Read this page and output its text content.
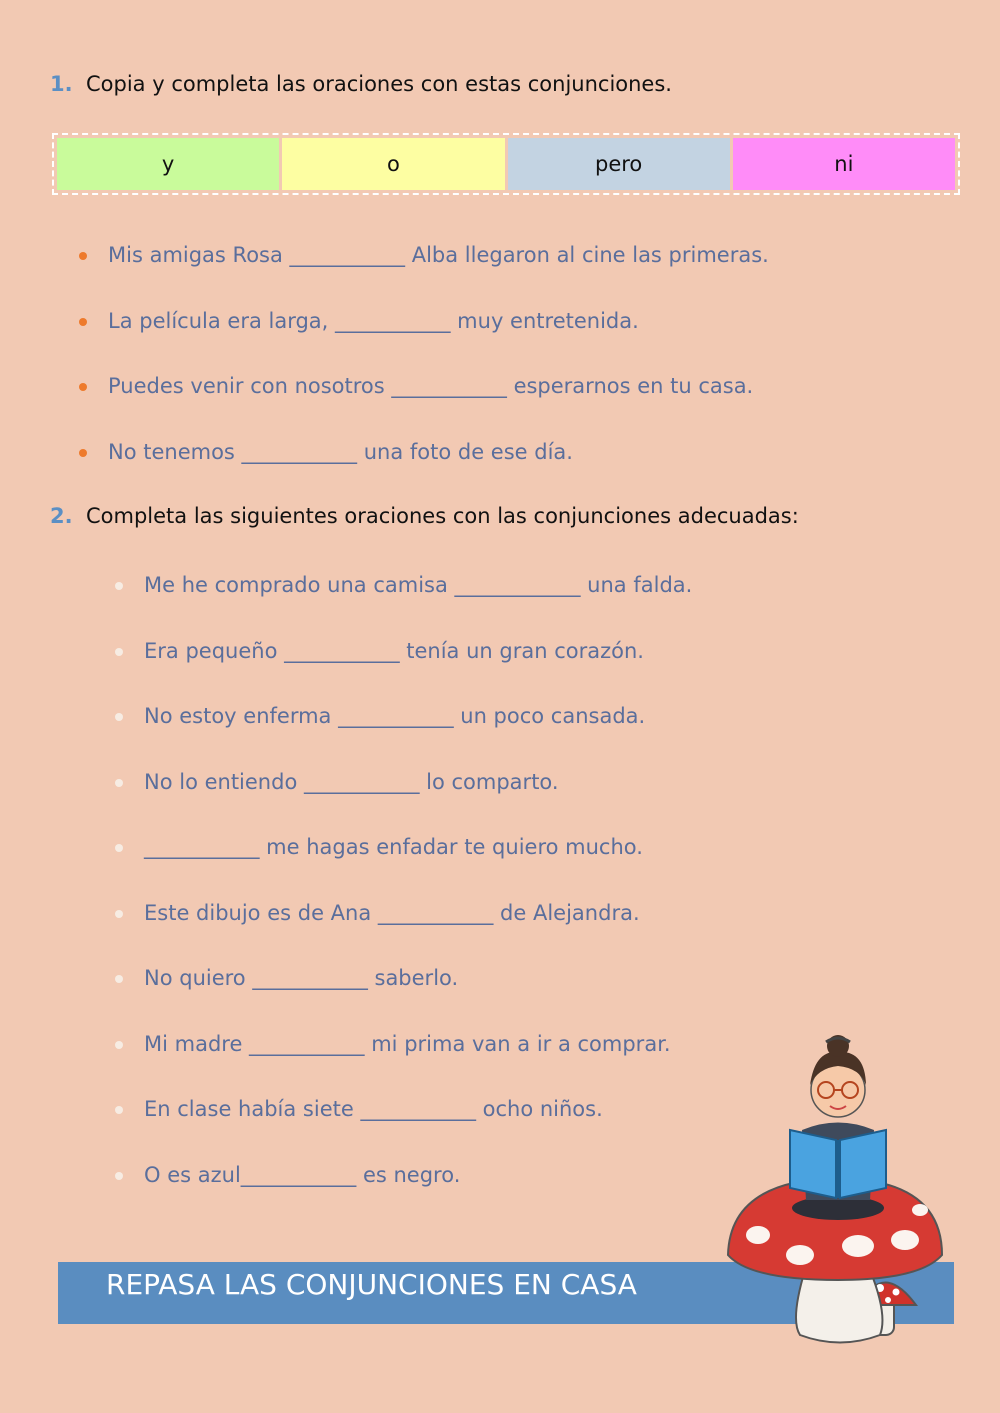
1. Copia y completa las oraciones con estas conjunciones.
y	o	pero	ni
Mis amigas Rosa ___________ Alba llegaron al cine las primeras.
La película era larga, ___________ muy entretenida.
Puedes venir con nosotros ___________ esperarnos en tu casa.
No tenemos ___________ una foto de ese día.
2. Completa las siguientes oraciones con las conjunciones adecuadas:
Me he comprado una camisa ____________ una falda.
Era pequeño ___________ tenía un gran corazón.
No estoy enferma ___________ un poco cansada.
No lo entiendo ___________ lo comparto.
___________ me hagas enfadar te quiero mucho.
Este dibujo es de Ana ___________ de Alejandra.
No quiero ___________ saberlo.
Mi madre ___________ mi prima van a ir a comprar.
En clase había siete ___________ ocho niños.
O es azul___________ es negro.
REPASA LAS CONJUNCIONES EN CASA
